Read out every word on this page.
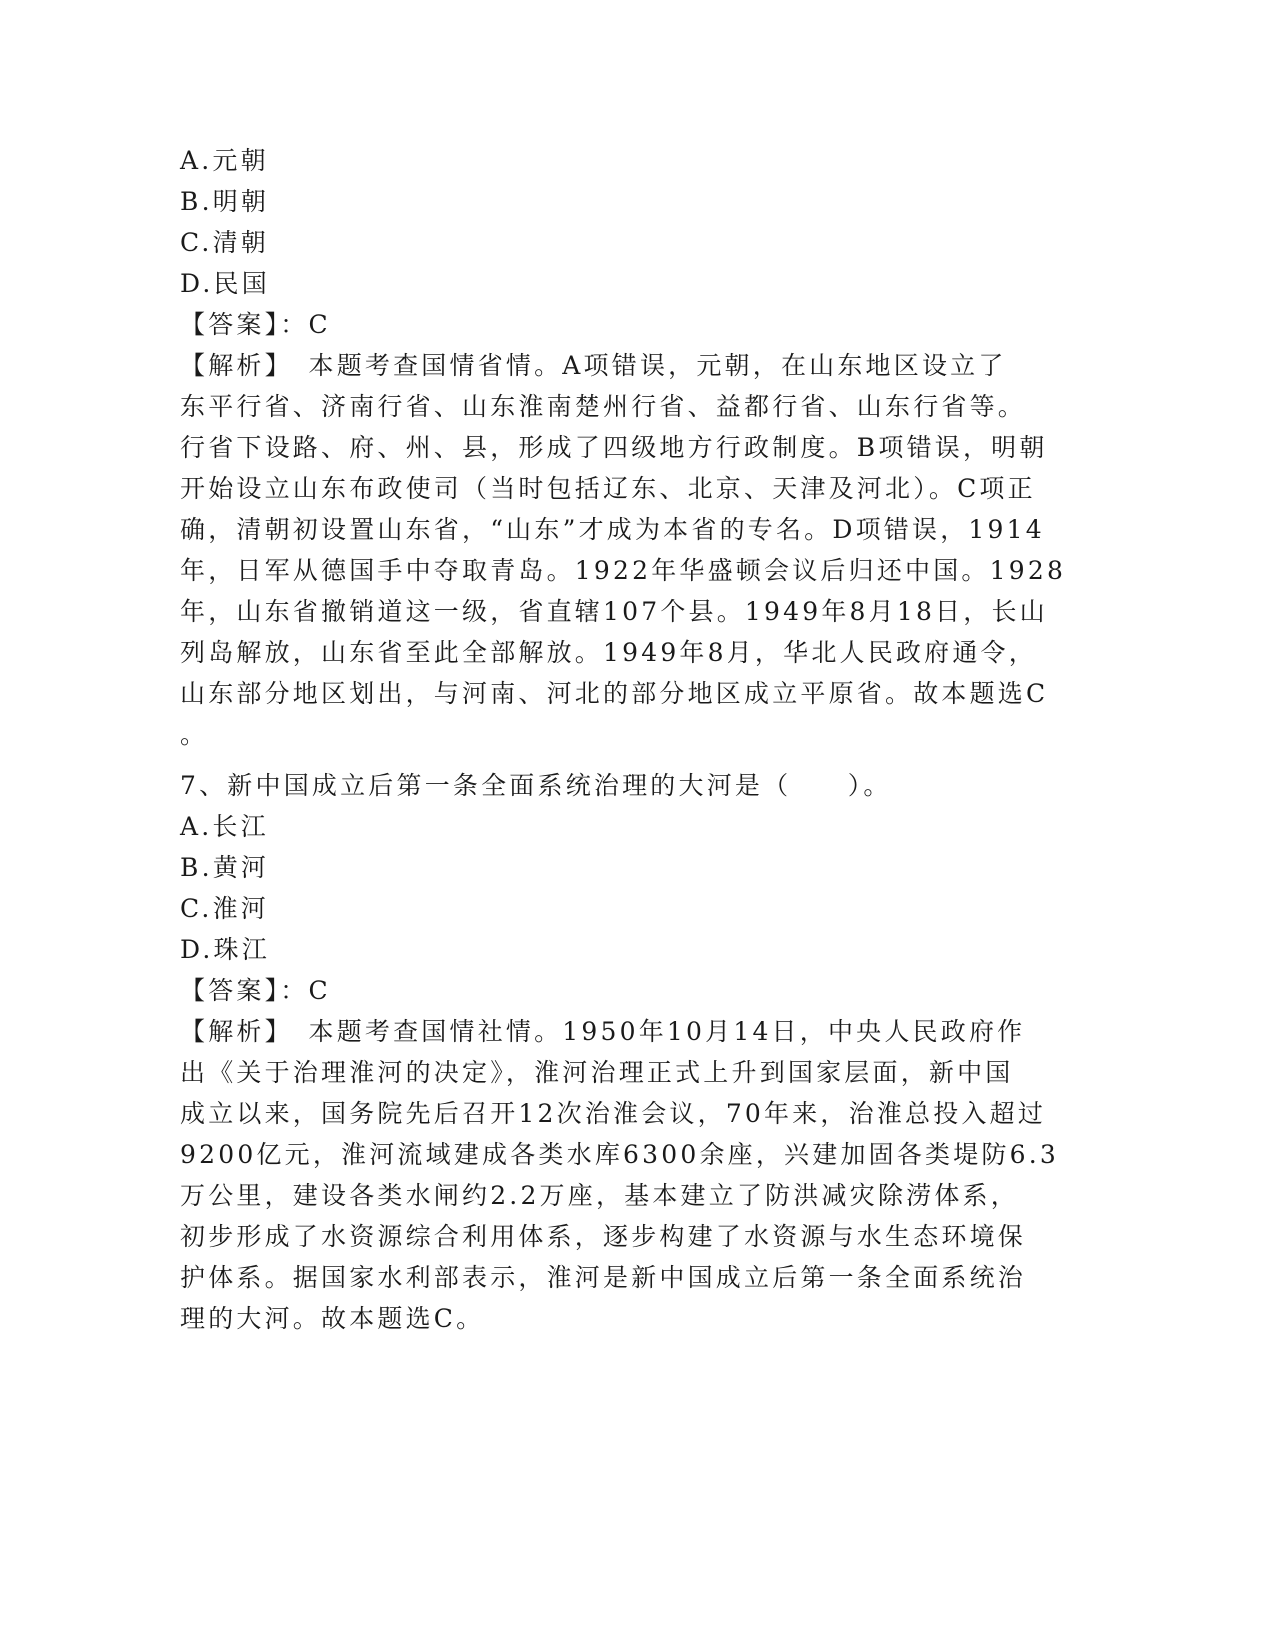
A.元朝
B.明朝
C.清朝
D.民国
【答案】：C
【解析】　本题考查国情省情。A项错误，元朝，在山东地区设立了
东平行省、济南行省、山东淮南楚州行省、益都行省、山东行省等。
行省下设路、府、州、县，形成了四级地方行政制度。B项错误，明朝
开始设立山东布政使司（当时包括辽东、北京、天津及河北）。C项正
确，清朝初设置山东省，“山东”才成为本省的专名。D项错误，1914
年，日军从德国手中夺取青岛。1922年华盛顿会议后归还中国。1928
年，山东省撤销道这一级，省直辖107个县。1949年8月18日，长山
列岛解放，山东省至此全部解放。1949年8月，华北人民政府通令，
山东部分地区划出，与河南、河北的部分地区成立平原省。故本题选C
。
7、新中国成立后第一条全面系统治理的大河是（　　）。
A.长江
B.黄河
C.淮河
D.珠江
【答案】：C
【解析】　本题考查国情社情。1950年10月14日，中央人民政府作
出《关于治理淮河的决定》，淮河治理正式上升到国家层面，新中国
成立以来，国务院先后召开12次治淮会议，70年来，治淮总投入超过
9200亿元，淮河流域建成各类水库6300余座，兴建加固各类堤防6.3
万公里，建设各类水闸约2.2万座，基本建立了防洪减灾除涝体系，
初步形成了水资源综合利用体系，逐步构建了水资源与水生态环境保
护体系。据国家水利部表示，淮河是新中国成立后第一条全面系统治
理的大河。故本题选C。
